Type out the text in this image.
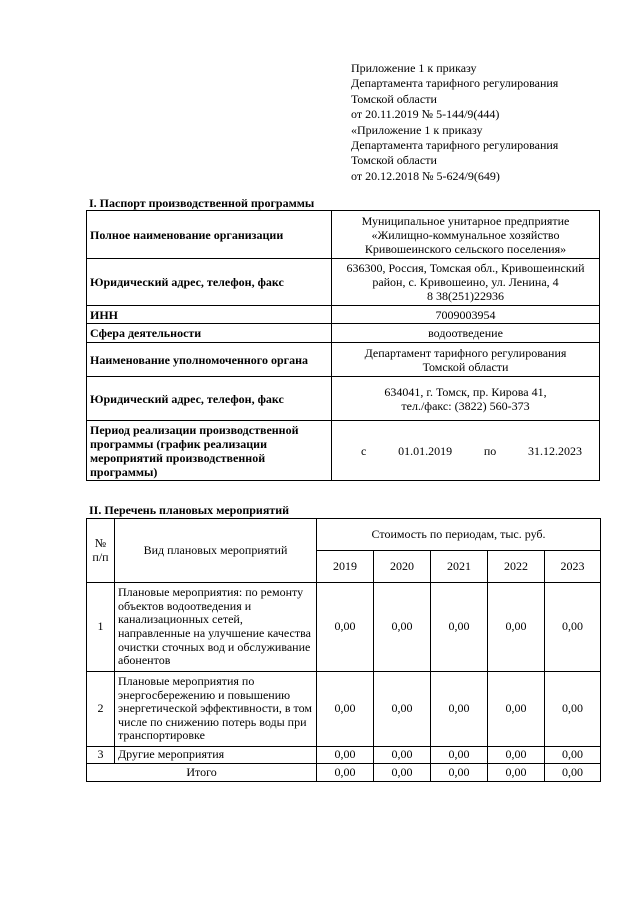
Приложение 1 к приказу
Департамента тарифного регулирования
Томской области
от 20.11.2019 № 5-144/9(444)
«Приложение 1 к приказу
Департамента тарифного регулирования
Томской области
от 20.12.2018 № 5-624/9(649)
I. Паспорт производственной программы
Полное наименование организации	Муниципальное унитарное предприятие
«Жилищно-коммунальное хозяйство
Кривошеинского сельского поселения»

Юридический адрес, телефон, факс	636300, Россия, Томская обл., Кривошеинский
район, с. Кривошеино, ул. Ленина, 4
8 38(251)22936

ИНН	7009003954

Сфера деятельности	водоотведение

Наименование уполномоченного органа	Департамент тарифного регулирования
Томской области

Юридический адрес, телефон, факс	634041, г. Томск, пр. Кирова 41,
тел./факс: (3822) 560-373

Период реализации производственной программы (график реализации мероприятий производственной программы)	с 01.01.2019 по 31.12.2023
II. Перечень плановых мероприятий
№ п/п	Вид плановых мероприятий	Стоимость по периодам, тыс. руб.				
		2019	2020	2021	2022	2023
1	Плановые мероприятия: по ремонту объектов водоотведения и канализационных сетей, направленные на улучшение качества очистки сточных вод и обслуживание абонентов	0,00	0,00	0,00	0,00	0,00
2	Плановые мероприятия по энергосбережению и повышению энергетической эффективности, в том числе по снижению потерь воды при транспортировке	0,00	0,00	0,00	0,00	0,00
3	Другие мероприятия	0,00	0,00	0,00	0,00	0,00
Итого		0,00	0,00	0,00	0,00	0,00
